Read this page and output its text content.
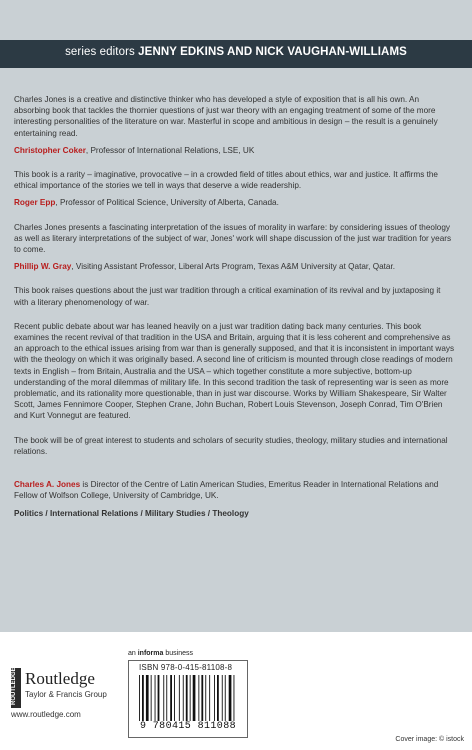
series editors JENNY EDKINS AND NICK VAUGHAN-WILLIAMS

Charles Jones is a creative and distinctive thinker who has developed a style of exposition that is all his own. An absorbing book that tackles the thornier questions of just war theory with an engaging treatment of some of the more interesting personalities of the literature on war. Masterful in scope and ambitious in design – the result is a genuinely entertaining read.

Christopher Coker, Professor of International Relations, LSE, UK

This book is a rarity – imaginative, provocative – in a crowded field of titles about ethics, war and justice. It affirms the ethical importance of the stories we tell in ways that deserve a wide readership.

Roger Epp, Professor of Political Science, University of Alberta, Canada.

Charles Jones presents a fascinating interpretation of the issues of morality in warfare: by considering issues of theology as well as literary interpretations of the subject of war, Jones' work will shape discussion of the just war tradition for years to come.

Phillip W. Gray, Visiting Assistant Professor, Liberal Arts Program, Texas A&M University at Qatar, Qatar.

This book raises questions about the just war tradition through a critical examination of its revival and by juxtaposing it with a literary phenomenology of war.

Recent public debate about war has leaned heavily on a just war tradition dating back many centuries. This book examines the recent revival of that tradition in the USA and Britain, arguing that it is less coherent and comprehensive as an approach to the ethical issues arising from war than is generally supposed, and that it is inconsistent in important ways with the theology on which it was originally based. A second line of criticism is mounted through close readings of modern texts in English – from Britain, Australia and the USA – which together constitute a more subjective, bottom-up understanding of the moral dilemmas of military life. In this second tradition the task of representing war is seen as more problematic, and its rationality more questionable, than in just war discourse. Works by William Shakespeare, Sir Walter Scott, James Fennimore Cooper, Stephen Crane, John Buchan, Robert Louis Stevenson, Joseph Conrad, Tim O'Brien and Kurt Vonnegut are featured.

The book will be of great interest to students and scholars of security studies, theology, military studies and international relations.

Charles A. Jones is Director of the Centre of Latin American Studies, Emeritus Reader in International Relations and Fellow of Wolfson College, University of Cambridge, UK.

Politics / International Relations / Military Studies / Theology

ROUTLEDGE Routledge
Taylor & Francis Group
www.routledge.com
an informa business
ISBN 978-0-415-81108-8
9 780415 811088
Cover image: © istock
